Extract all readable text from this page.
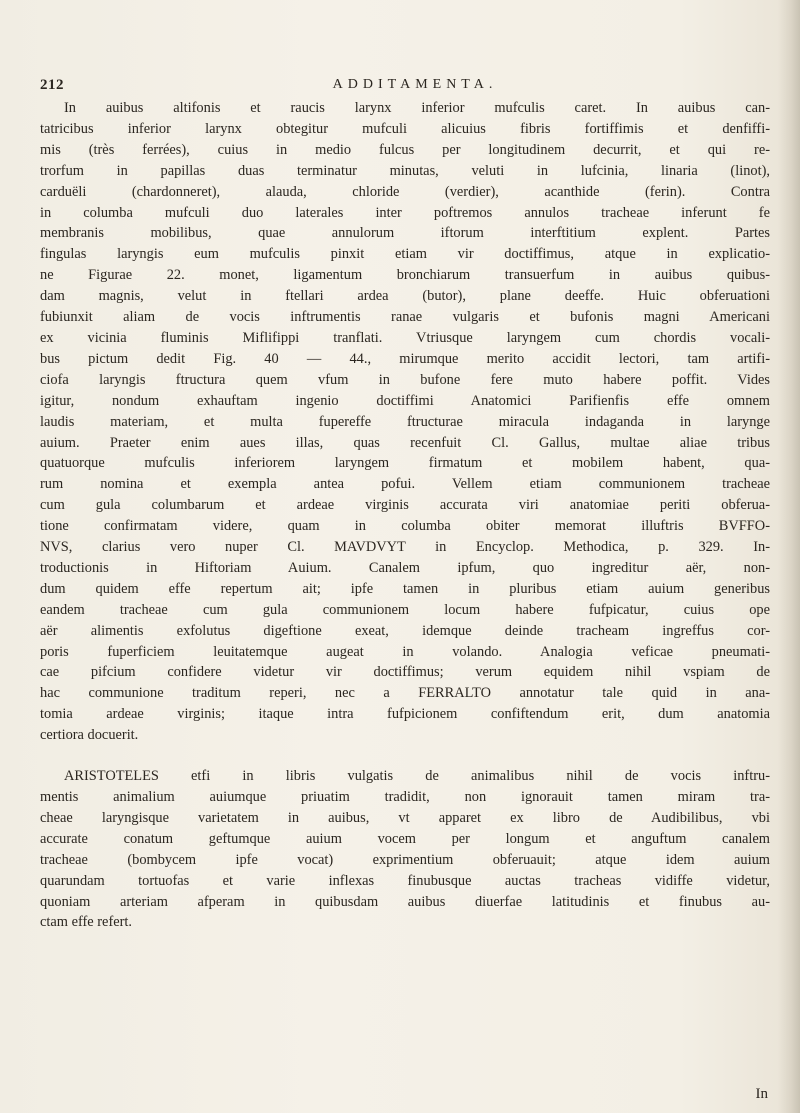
212	ADDITAMENTA.

In auibus altifonis et raucis larynx inferior mufculis caret. In auibus can-
tatricibus inferior larynx obtegitur mufculi alicuius fibris fortiffimis et denfiffi-
mis (très ferrées), cuius in medio fulcus per longitudinem decurrit, et qui re-
trorfum in papillas duas terminatur minutas, veluti in lufcinia, linaria (linot),
carduëli (chardonneret), alauda, chloride (verdier), acanthide (ferin). Contra
in columba mufculi duo laterales inter poftremos annulos tracheae inferunt fe
membranis mobilibus, quae annulorum iftorum interftitium explent. Partes
fingulas laryngis eum mufculis pinxit etiam vir doctiffimus, atque in explicatio-
ne Figurae 22. monet, ligamentum bronchiarum transuerfum in auibus quibus-
dam magnis, velut in ftellari ardea (butor), plane deeffe. Huic obferuationi
fubiunxit aliam de vocis inftrumentis ranae vulgaris et bufonis magni Americani
ex vicinia fluminis Miflifippi tranflati. Vtriusque laryngem cum chordis vocali-
bus pictum dedit Fig. 40 — 44., mirumque merito accidit lectori, tam artifi-
ciofa laryngis ftructura quem vfum in bufone fere muto habere poffit. Vides
igitur, nondum exhauftam ingenio doctiffimi Anatomici Parifienfis effe omnem
laudis materiam, et multa fupereffe ftructurae miracula indaganda in larynge
auium. Praeter enim aues illas, quas recenfuit Cl. Gallus, multae aliae tribus
quatuorque mufculis inferiorem laryngem firmatum et mobilem habent, qua-
rum nomina et exempla antea pofui. Vellem etiam communionem tracheae
cum gula columbarum et ardeae virginis accurata viri anatomiae periti obferua-
tione confirmatam videre, quam in columba obiter memorat illuftris BVFFO-
NVS, clarius vero nuper Cl. MAVDVYT in Encyclop. Methodica, p. 329. In-
troductionis in Hiftoriam Auium. Canalem ipfum, quo ingreditur aër, non-
dum quidem effe repertum ait; ipfe tamen in pluribus etiam auium generibus
eandem tracheae cum gula communionem locum habere fufpicatur, cuius ope
aër alimentis exfolutus digeftione exeat, idemque deinde tracheam ingreffus cor-
poris fuperficiem leuitatemque augeat in volando. Analogia veficae pneumati-
cae pifcium confidere videtur vir doctiffimus; verum equidem nihil vspiam de
hac communione traditum reperi, nec a FERRALTO annotatur tale quid in ana-
tomia ardeae virginis; itaque intra fufpicionem confiftendum erit, dum anatomia
certiora docuerit.

ARISTOTELES etfi in libris vulgatis de animalibus nihil de vocis inftru-
mentis animalium auiumque priuatim tradidit, non ignorauit tamen miram tra-
cheae laryngisque varietatem in auibus, vt apparet ex libro de Audibilibus, vbi
accurate conatum geftumque auium vocem per longum et anguftum canalem
tracheae (bombycem ipfe vocat) exprimentium obferuauit; atque idem auium
quarundam tortuofas et varie inflexas finubusque auctas tracheas vidiffe videtur,
quoniam arteriam afperam in quibusdam auibus diuerfae latitudinis et finubus au-
ctam effe refert.

In
